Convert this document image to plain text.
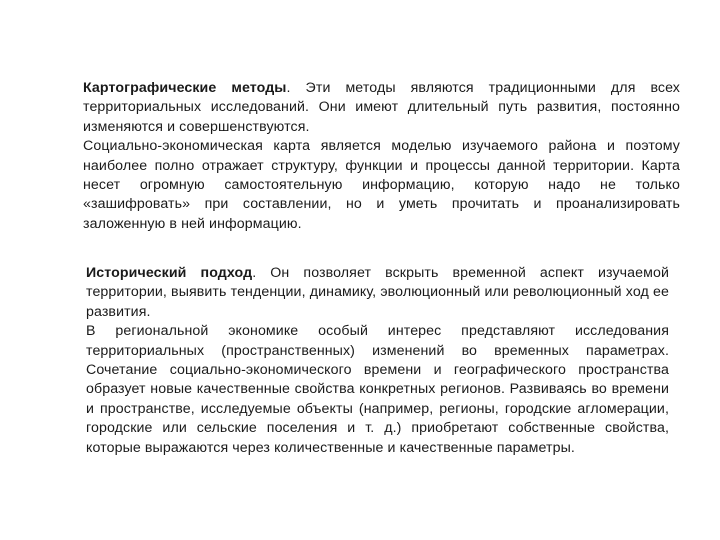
Картографические методы. Эти методы являются традиционными для всех территориальных исследований. Они имеют длительный путь развития, постоянно изменяются и совершенствуются.

Социально-экономическая карта является моделью изучаемого района и поэтому наиболее полно отражает структуру, функции и процессы данной территории. Карта несет огромную самостоятельную информацию, которую надо не только «зашифровать» при составлении, но и уметь прочитать и проанализировать заложенную в ней информацию.

Исторический подход. Он позволяет вскрыть временной аспект изучаемой территории, выявить тенденции, динамику, эволюционный или революционный ход ее развития.

В региональной экономике особый интерес представляют исследования территориальных (пространственных) изменений во временных параметрах. Сочетание социально-экономического времени и географического пространства образует новые качественные свойства конкретных регионов. Развиваясь во времени и пространстве, исследуемые объекты (например, регионы, городские агломерации, городские или сельские поселения и т. д.) приобретают собственные свойства, которые выражаются через количественные и качественные параметры.
